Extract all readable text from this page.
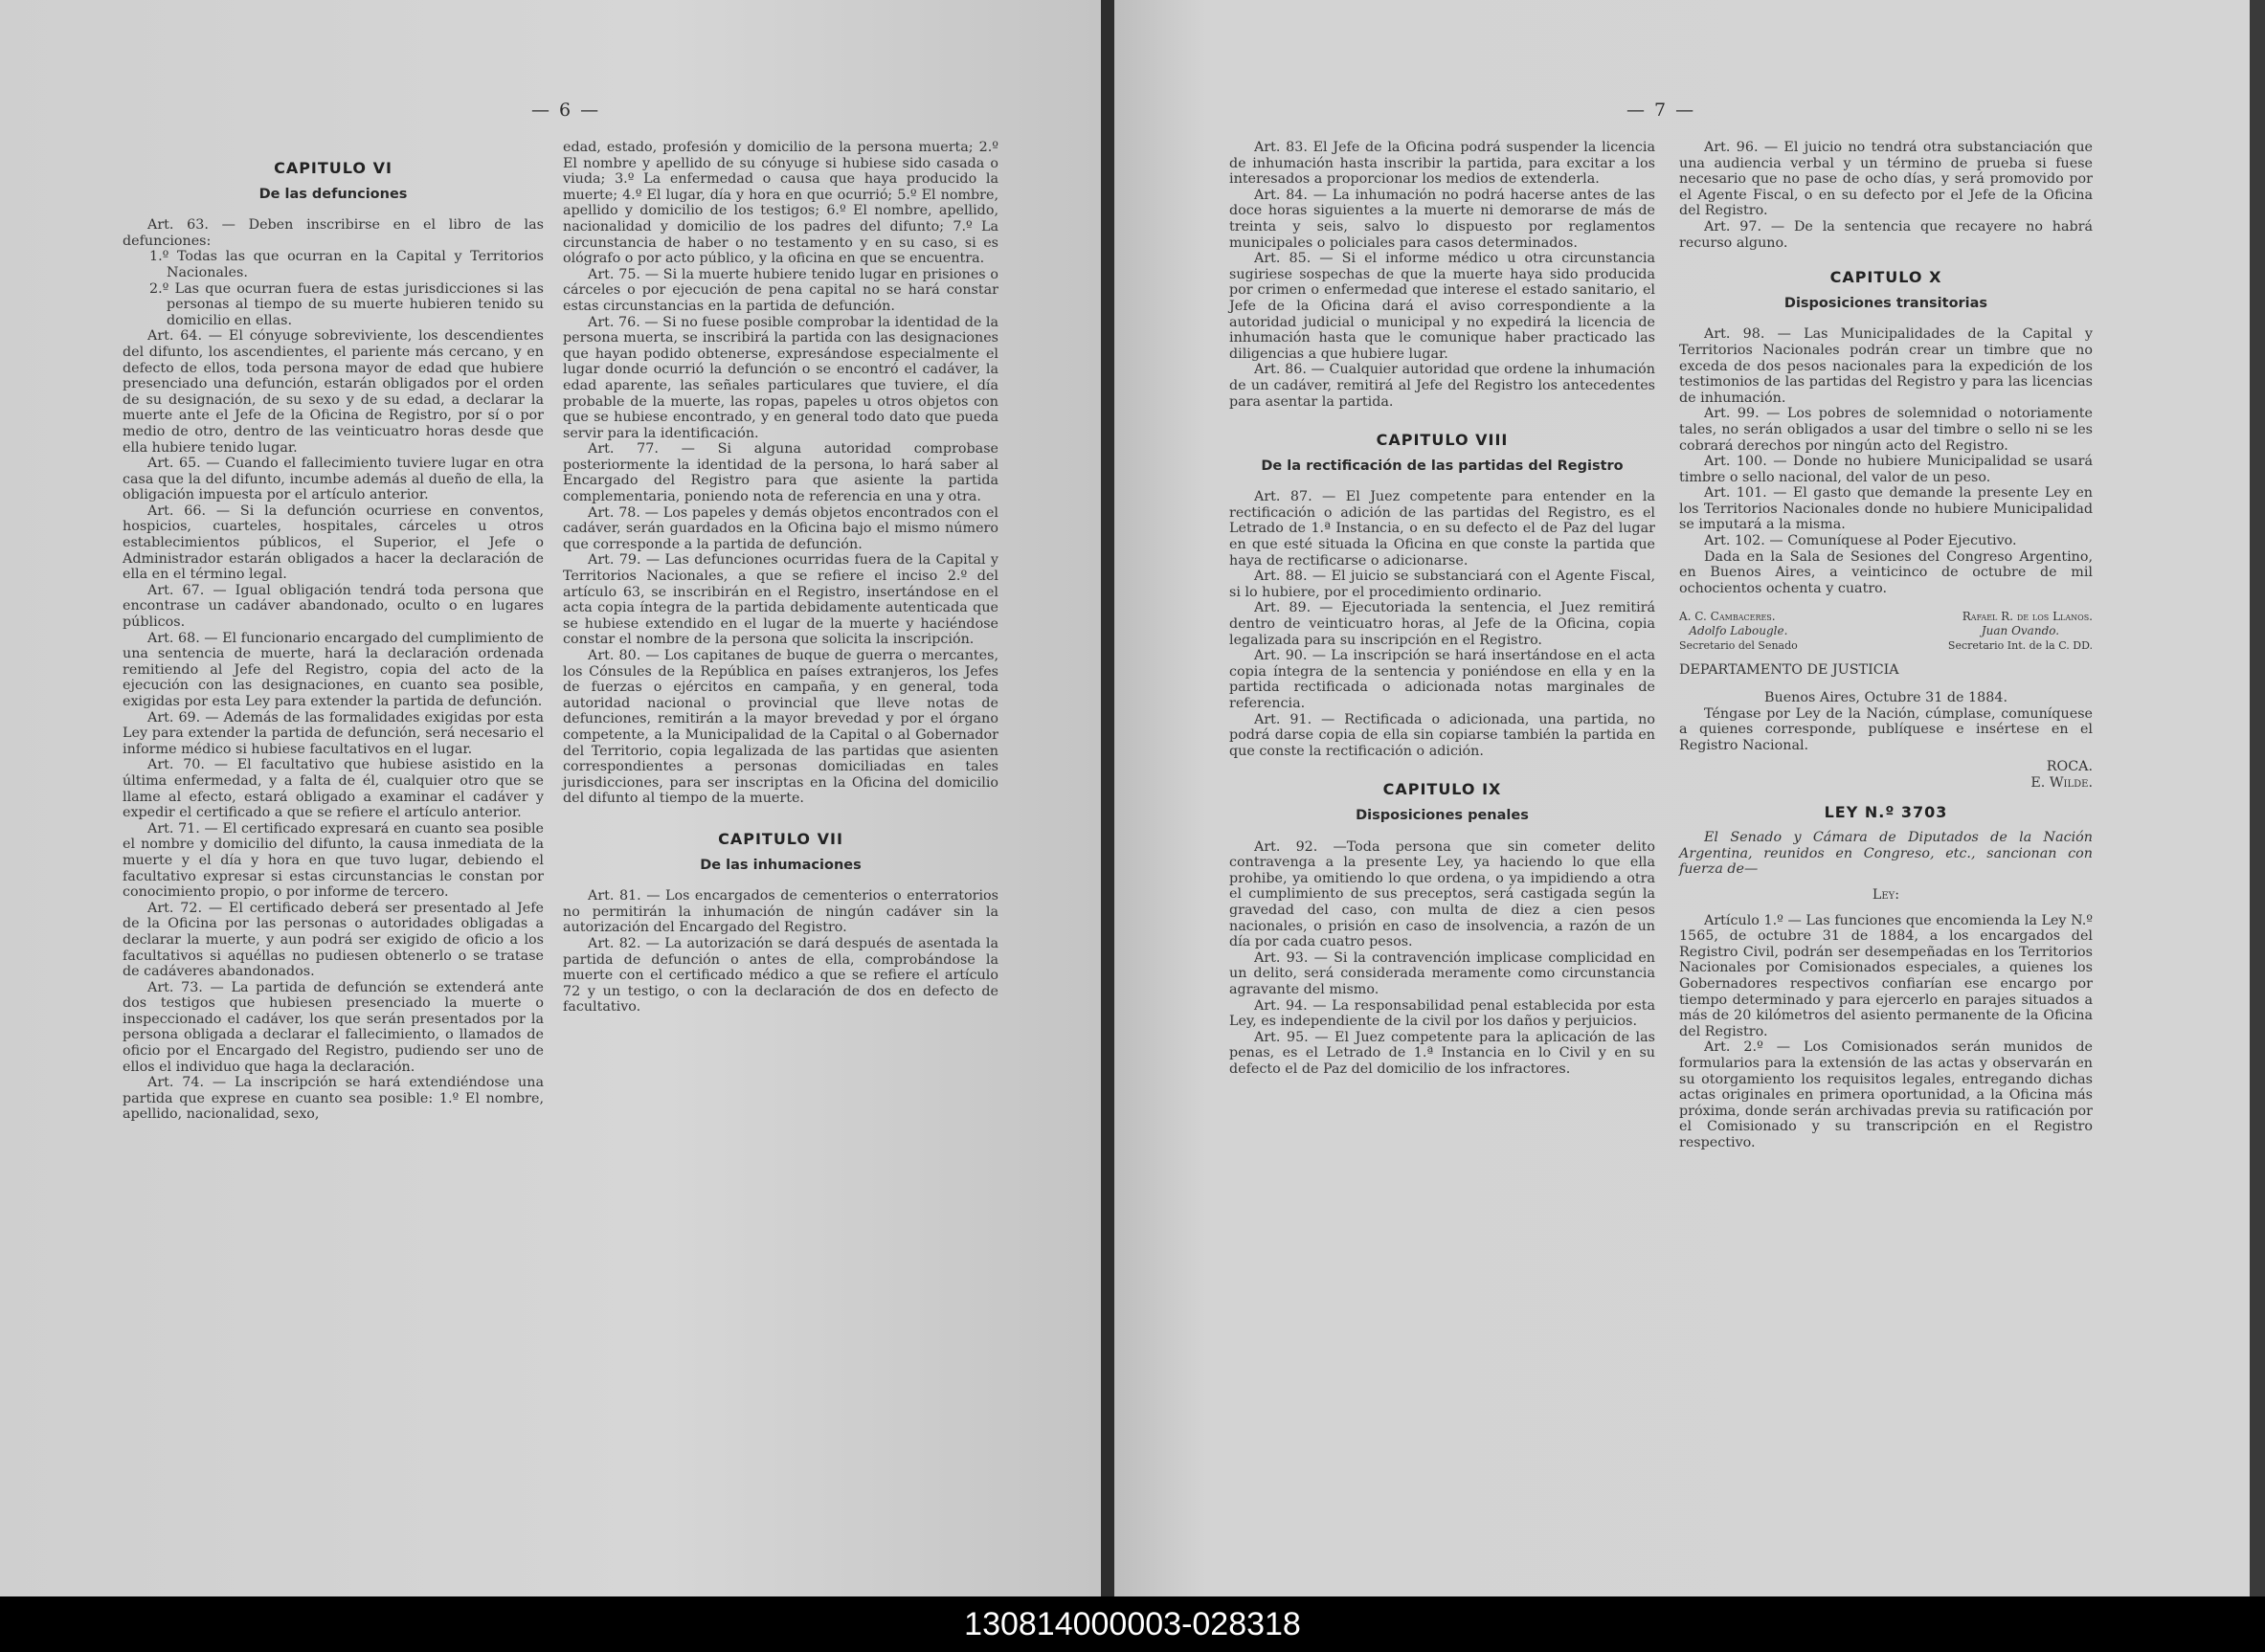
— 6 —
CAPITULO VI
De las defunciones

Art. 63. — Deben inscribirse en el libro de las defunciones:

1.º Todas las que ocurran en la Capital y Territorios Nacionales.

2.º Las que ocurran fuera de estas jurisdicciones si las personas al tiempo de su muerte hubieren tenido su domicilio en ellas.

Art. 64. — El cónyuge sobreviviente, los descendientes del difunto, los ascendientes, el pariente más cercano, y en defecto de ellos, toda persona mayor de edad que hubiere presenciado una defunción, estarán obligados por el orden de su designación, de su sexo y de su edad, a declarar la muerte ante el Jefe de la Oficina de Registro, por sí o por medio de otro, dentro de las veinticuatro horas desde que ella hubiere tenido lugar.

Art. 65. — Cuando el fallecimiento tuviere lugar en otra casa que la del difunto, incumbe además al dueño de ella, la obligación impuesta por el artículo anterior.

Art. 66. — Si la defunción ocurriese en conventos, hospicios, cuarteles, hospitales, cárceles u otros establecimientos públicos, el Superior, el Jefe o Administrador estarán obligados a hacer la declaración de ella en el término legal.

Art. 67. — Igual obligación tendrá toda persona que encontrase un cadáver abandonado, oculto o en lugares públicos.

Art. 68. — El funcionario encargado del cumplimiento de una sentencia de muerte, hará la declaración ordenada remitiendo al Jefe del Registro, copia del acto de la ejecución con las designaciones, en cuanto sea posible, exigidas por esta Ley para extender la partida de defunción.

Art. 69. — Además de las formalidades exigidas por esta Ley para extender la partida de defunción, será necesario el informe médico si hubiese facultativos en el lugar.

Art. 70. — El facultativo que hubiese asistido en la última enfermedad, y a falta de él, cualquier otro que se llame al efecto, estará obligado a examinar el cadáver y expedir el certificado a que se refiere el artículo anterior.

Art. 71. — El certificado expresará en cuanto sea posible el nombre y domicilio del difunto, la causa inmediata de la muerte y el día y hora en que tuvo lugar, debiendo el facultativo expresar si estas circunstancias le constan por conocimiento propio, o por informe de tercero.

Art. 72. — El certificado deberá ser presentado al Jefe de la Oficina por las personas o autoridades obligadas a declarar la muerte, y aun podrá ser exigido de oficio a los facultativos si aquéllas no pudiesen obtenerlo o se tratase de cadáveres abandonados.

Art. 73. — La partida de defunción se extenderá ante dos testigos que hubiesen presenciado la muerte o inspeccionado el cadáver, los que serán presentados por la persona obligada a declarar el fallecimiento, o llamados de oficio por el Encargado del Registro, pudiendo ser uno de ellos el individuo que haga la declaración.

Art. 74. — La inscripción se hará extendiéndose una partida que exprese en cuanto sea posible: 1.º El nombre, apellido, nacionalidad, sexo,

edad, estado, profesión y domicilio de la persona muerta; 2.º El nombre y apellido de su cónyuge si hubiese sido casada o viuda; 3.º La enfermedad o causa que haya producido la muerte; 4.º El lugar, día y hora en que ocurrió; 5.º El nombre, apellido y domicilio de los testigos; 6.º El nombre, apellido, nacionalidad y domicilio de los padres del difunto; 7.º La circunstancia de haber o no testamento y en su caso, si es ológrafo o por acto público, y la oficina en que se encuentra.

Art. 75. — Si la muerte hubiere tenido lugar en prisiones o cárceles o por ejecución de pena capital no se hará constar estas circunstancias en la partida de defunción.

Art. 76. — Si no fuese posible comprobar la identidad de la persona muerta, se inscribirá la partida con las designaciones que hayan podido obtenerse, expresándose especialmente el lugar donde ocurrió la defunción o se encontró el cadáver, la edad aparente, las señales particulares que tuviere, el día probable de la muerte, las ropas, papeles u otros objetos con que se hubiese encontrado, y en general todo dato que pueda servir para la identificación.

Art. 77. — Si alguna autoridad comprobase posteriormente la identidad de la persona, lo hará saber al Encargado del Registro para que asiente la partida complementaria, poniendo nota de referencia en una y otra.

Art. 78. — Los papeles y demás objetos encontrados con el cadáver, serán guardados en la Oficina bajo el mismo número que corresponde a la partida de defunción.

Art. 79. — Las defunciones ocurridas fuera de la Capital y Territorios Nacionales, a que se refiere el inciso 2.º del artículo 63, se inscribirán en el Registro, insertándose en el acta copia íntegra de la partida debidamente autenticada que se hubiese extendido en el lugar de la muerte y haciéndose constar el nombre de la persona que solicita la inscripción.

Art. 80. — Los capitanes de buque de guerra o mercantes, los Cónsules de la República en países extranjeros, los Jefes de fuerzas o ejércitos en campaña, y en general, toda autoridad nacional o provincial que lleve notas de defunciones, remitirán a la mayor brevedad y por el órgano competente, a la Municipalidad de la Capital o al Gobernador del Territorio, copia legalizada de las partidas que asienten correspondientes a personas domiciliadas en tales jurisdicciones, para ser inscriptas en la Oficina del domicilio del difunto al tiempo de la muerte.

CAPITULO VII
De las inhumaciones

Art. 81. — Los encargados de cementerios o enterratorios no permitirán la inhumación de ningún cadáver sin la autorización del Encargado del Registro.

Art. 82. — La autorización se dará después de asentada la partida de defunción o antes de ella, comprobándose la muerte con el certificado médico a que se refiere el artículo 72 y un testigo, o con la declaración de dos en defecto de facultativo.

— 7 —

Art. 83. El Jefe de la Oficina podrá suspender la licencia de inhumación hasta inscribir la partida, para excitar a los interesados a proporcionar los medios de extenderla.

Art. 84. — La inhumación no podrá hacerse antes de las doce horas siguientes a la muerte ni demorarse de más de treinta y seis, salvo lo dispuesto por reglamentos municipales o policiales para casos determinados.

Art. 85. — Si el informe médico u otra circunstancia sugiriese sospechas de que la muerte haya sido producida por crimen o enfermedad que interese el estado sanitario, el Jefe de la Oficina dará el aviso correspondiente a la autoridad judicial o municipal y no expedirá la licencia de inhumación hasta que le comunique haber practicado las diligencias a que hubiere lugar.

Art. 86. — Cualquier autoridad que ordene la inhumación de un cadáver, remitirá al Jefe del Registro los antecedentes para asentar la partida.

CAPITULO VIII
De la rectificación de las partidas del Registro

Art. 87. — El Juez competente para entender en la rectificación o adición de las partidas del Registro, es el Letrado de 1.ª Instancia, o en su defecto el de Paz del lugar en que esté situada la Oficina en que conste la partida que haya de rectificarse o adicionarse.

Art. 88. — El juicio se substanciará con el Agente Fiscal, si lo hubiere, por el procedimiento ordinario.

Art. 89. — Ejecutoriada la sentencia, el Juez remitirá dentro de veinticuatro horas, al Jefe de la Oficina, copia legalizada para su inscripción en el Registro.

Art. 90. — La inscripción se hará insertándose en el acta copia íntegra de la sentencia y poniéndose en ella y en la partida rectificada o adicionada notas marginales de referencia.

Art. 91. — Rectificada o adicionada, una partida, no podrá darse copia de ella sin copiarse también la partida en que conste la rectificación o adición.

CAPITULO IX
Disposiciones penales

Art. 92. —Toda persona que sin cometer delito contravenga a la presente Ley, ya haciendo lo que ella prohibe, ya omitiendo lo que ordena, o ya impidiendo a otra el cumplimiento de sus preceptos, será castigada según la gravedad del caso, con multa de diez a cien pesos nacionales, o prisión en caso de insolvencia, a razón de un día por cada cuatro pesos.

Art. 93. — Si la contravención implicase complicidad en un delito, será considerada meramente como circunstancia agravante del mismo.

Art. 94. — La responsabilidad penal establecida por esta Ley, es independiente de la civil por los daños y perjuicios.

Art. 95. — El Juez competente para la aplicación de las penas, es el Letrado de 1.ª Instancia en lo Civil y en su defecto el de Paz del domicilio de los infractores.

Art. 96. — El juicio no tendrá otra substanciación que una audiencia verbal y un término de prueba si fuese necesario que no pase de ocho días, y será promovido por el Agente Fiscal, o en su defecto por el Jefe de la Oficina del Registro.

Art. 97. — De la sentencia que recayere no habrá recurso alguno.

CAPITULO X
Disposiciones transitorias

Art. 98. — Las Municipalidades de la Capital y Territorios Nacionales podrán crear un timbre que no exceda de dos pesos nacionales para la expedición de los testimonios de las partidas del Registro y para las licencias de inhumación.

Art. 99. — Los pobres de solemnidad o notoriamente tales, no serán obligados a usar del timbre o sello ni se les cobrará derechos por ningún acto del Registro.

Art. 100. — Donde no hubiere Municipalidad se usará timbre o sello nacional, del valor de un peso.

Art. 101. — El gasto que demande la presente Ley en los Territorios Nacionales donde no hubiere Municipalidad se imputará a la misma.

Art. 102. — Comuníquese al Poder Ejecutivo.

Dada en la Sala de Sesiones del Congreso Argentino, en Buenos Aires, a veinticinco de octubre de mil ochocientos ochenta y cuatro.

A. C. Cambaceres.
Adolfo Labougle.
Secretario del Senado
Rafael R. de los Llanos.
Juan Ovando.
Secretario Int. de la C. DD.

DEPARTAMENTO DE JUSTICIA

Buenos Aires, Octubre 31 de 1884.

Téngase por Ley de la Nación, cúmplase, comuníquese a quienes corresponde, publíquese e insértese en el Registro Nacional.

ROCA.

E. Wilde.

LEY N.º 3703

El Senado y Cámara de Diputados de la Nación Argentina, reunidos en Congreso, etc., sancionan con fuerza de—

Ley:

Artículo 1.º — Las funciones que encomienda la Ley N.º 1565, de octubre 31 de 1884, a los encargados del Registro Civil, podrán ser desempeñadas en los Territorios Nacionales por Comisionados especiales, a quienes los Gobernadores respectivos confiarían ese encargo por tiempo determinado y para ejercerlo en parajes situados a más de 20 kilómetros del asiento permanente de la Oficina del Registro.

Art. 2.º — Los Comisionados serán munidos de formularios para la extensión de las actas y observarán en su otorgamiento los requisitos legales, entregando dichas actas originales en primera oportunidad, a la Oficina más próxima, donde serán archivadas previa su ratificación por el Comisionado y su transcripción en el Registro respectivo.

130814000003-028318
